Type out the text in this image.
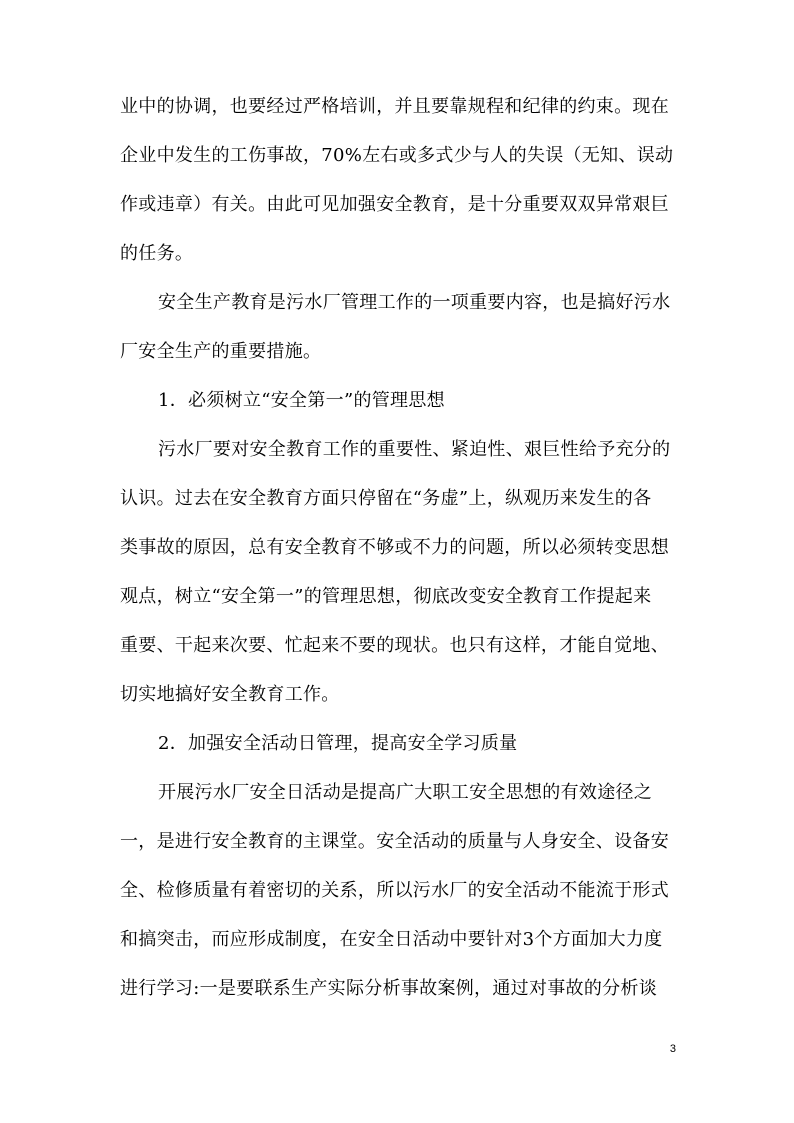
业中的协调，也要经过严格培训，并且要靠规程和纪律的约束。现在
企业中发生的工伤事故，70%左右或多式少与人的失误（无知、误动
作或违章）有关。由此可见加强安全教育，是十分重要双双异常艰巨
的任务。
安全生产教育是污水厂管理工作的一项重要内容，也是搞好污水
厂安全生产的重要措施。
1．必须树立“安全第一”的管理思想
污水厂要对安全教育工作的重要性、紧迫性、艰巨性给予充分的
认识。过去在安全教育方面只停留在“务虚”上，纵观历来发生的各
类事故的原因，总有安全教育不够或不力的问题，所以必须转变思想
观点，树立“安全第一”的管理思想，彻底改变安全教育工作提起来
重要、干起来次要、忙起来不要的现状。也只有这样，才能自觉地、
切实地搞好安全教育工作。
2．加强安全活动日管理，提高安全学习质量
开展污水厂安全日活动是提高广大职工安全思想的有效途径之
一，是进行安全教育的主课堂。安全活动的质量与人身安全、设备安
全、检修质量有着密切的关系，所以污水厂的安全活动不能流于形式
和搞突击，而应形成制度，在安全日活动中要针对3个方面加大力度
进行学习:一是要联系生产实际分析事故案例，通过对事故的分析谈
3
